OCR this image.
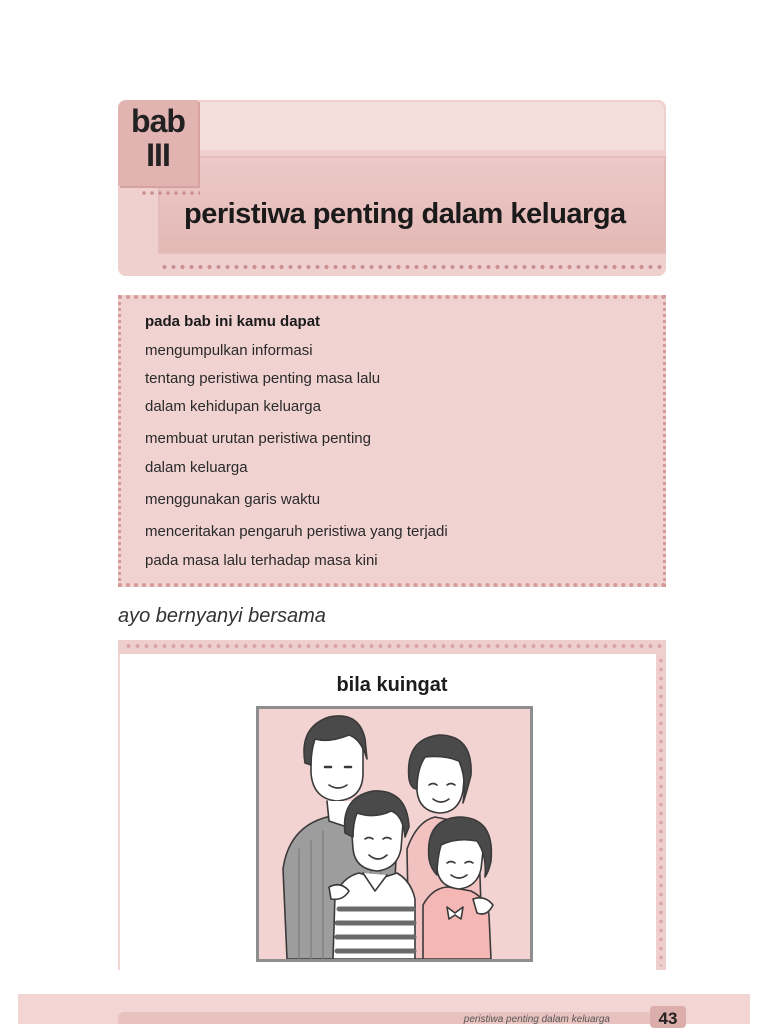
bab
III
peristiwa penting dalam keluarga
pada bab ini kamu dapat
mengumpulkan informasi
tentang peristiwa penting masa lalu
dalam kehidupan keluarga
membuat urutan peristiwa penting
dalam keluarga
menggunakan garis waktu
menceritakan pengaruh peristiwa yang terjadi
pada masa lalu terhadap masa kini
ayo bernyanyi bersama
bila kuingat
peristiwa penting dalam keluarga	43
